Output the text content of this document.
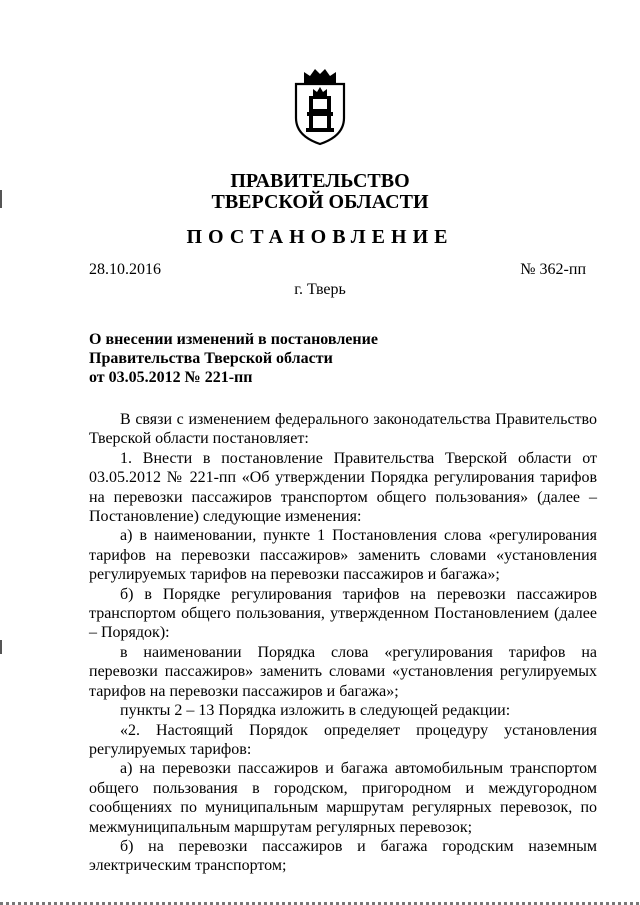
ПРАВИТЕЛЬСТВО
ТВЕРСКОЙ ОБЛАСТИ
ПОСТАНОВЛЕНИЕ
28.10.2016	№ 362-пп
г. Тверь
О внесении изменений в постановление
Правительства Тверской области
от 03.05.2012 № 221-пп

В связи с изменением федерального законодательства Правительство Тверской области постановляет:

1. Внести в постановление Правительства Тверской области от 03.05.2012 № 221-пп «Об утверждении Порядка регулирования тарифов на перевозки пассажиров транспортом общего пользования» (далее – Постановление) следующие изменения:

а) в наименовании, пункте 1 Постановления слова «регулирования тарифов на перевозки пассажиров» заменить словами «установления регулируемых тарифов на перевозки пассажиров и багажа»;

б) в Порядке регулирования тарифов на перевозки пассажиров транспортом общего пользования, утвержденном Постановлением (далее – Порядок):

в наименовании Порядка слова «регулирования тарифов на перевозки пассажиров» заменить словами «установления регулируемых тарифов на перевозки пассажиров и багажа»;

пункты 2 – 13 Порядка изложить в следующей редакции:

«2. Настоящий Порядок определяет процедуру установления регулируемых тарифов:

а) на перевозки пассажиров и багажа автомобильным транспортом общего пользования в городском, пригородном и междугородном сообщениях по муниципальным маршрутам регулярных перевозок, по межмуниципальным маршрутам регулярных перевозок;

б) на перевозки пассажиров и багажа городским наземным электрическим транспортом;
